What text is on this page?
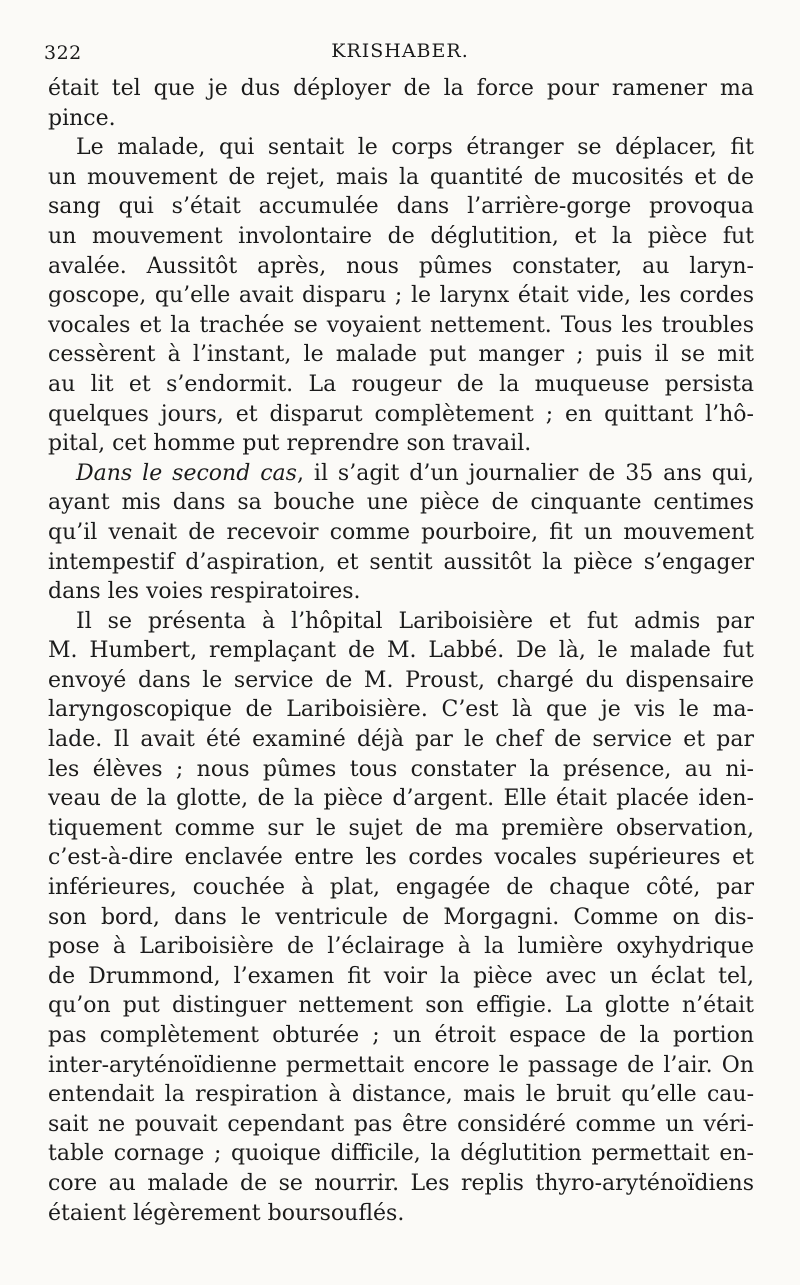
322	KRISHABER.
était tel que je dus déployer de la force pour ramener ma
pince.
Le malade, qui sentait le corps étranger se déplacer, fit
un mouvement de rejet, mais la quantité de mucosités et de
sang qui s’était accumulée dans l’arrière-gorge provoqua
un mouvement involontaire de déglutition, et la pièce fut
avalée. Aussitôt après, nous pûmes constater, au laryn-
goscope, qu’elle avait disparu ; le larynx était vide, les cordes
vocales et la trachée se voyaient nettement. Tous les troubles
cessèrent à l’instant, le malade put manger ; puis il se mit
au lit et s’endormit. La rougeur de la muqueuse persista
quelques jours, et disparut complètement ; en quittant l’hô-
pital, cet homme put reprendre son travail.
Dans le second cas, il s’agit d’un journalier de 35 ans qui,
ayant mis dans sa bouche une pièce de cinquante centimes
qu’il venait de recevoir comme pourboire, fit un mouvement
intempestif d’aspiration, et sentit aussitôt la pièce s’engager
dans les voies respiratoires.
Il se présenta à l’hôpital Lariboisière et fut admis par
M. Humbert, remplaçant de M. Labbé. De là, le malade fut
envoyé dans le service de M. Proust, chargé du dispensaire
laryngoscopique de Lariboisière. C’est là que je vis le ma-
lade. Il avait été examiné déjà par le chef de service et par
les élèves ; nous pûmes tous constater la présence, au ni-
veau de la glotte, de la pièce d’argent. Elle était placée iden-
tiquement comme sur le sujet de ma première observation,
c’est-à-dire enclavée entre les cordes vocales supérieures et
inférieures, couchée à plat, engagée de chaque côté, par
son bord, dans le ventricule de Morgagni. Comme on dis-
pose à Lariboisière de l’éclairage à la lumière oxyhydrique
de Drummond, l’examen fit voir la pièce avec un éclat tel,
qu’on put distinguer nettement son effigie. La glotte n’était
pas complètement obturée ; un étroit espace de la portion
inter-aryténoïdienne permettait encore le passage de l’air. On
entendait la respiration à distance, mais le bruit qu’elle cau-
sait ne pouvait cependant pas être considéré comme un véri-
table cornage ; quoique difficile, la déglutition permettait en-
core au malade de se nourrir. Les replis thyro-aryténoïdiens
étaient légèrement boursouflés.
